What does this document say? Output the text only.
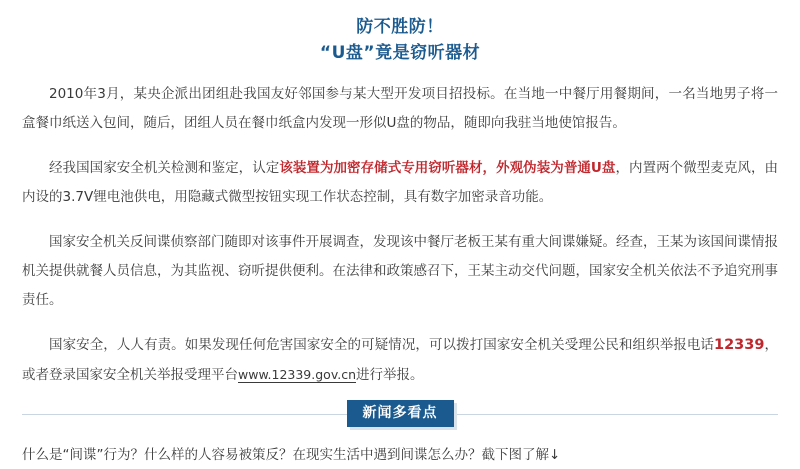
防不胜防！
“U盘”竟是窃听器材

2010年3月，某央企派出团组赴我国友好邻国参与某大型开发项目招投标。在当地一中餐厅用餐期间，一名当地男子将一盒餐巾纸送入包间，随后，团组人员在餐巾纸盒内发现一形似U盘的物品，随即向我驻当地使馆报告。

经我国国家安全机关检测和鉴定，认定该装置为加密存储式专用窃听器材，外观伪装为普通U盘，内置两个微型麦克风，由内设的3.7V锂电池供电，用隐藏式微型按钮实现工作状态控制，具有数字加密录音功能。

国家安全机关反间谍侦察部门随即对该事件开展调查，发现该中餐厅老板王某有重大间谍嫌疑。经查，王某为该国间谍情报机关提供就餐人员信息，为其监视、窃听提供便利。在法律和政策感召下，王某主动交代问题，国家安全机关依法不予追究刑事责任。

国家安全，人人有责。如果发现任何危害国家安全的可疑情况，可以拨打国家安全机关受理公民和组织举报电话12339，或者登录国家安全机关举报受理平台www.12339.gov.cn进行举报。

新闻多看点
什么是“间谍”行为？什么样的人容易被策反？在现实生活中遇到间谍怎么办？截下图了解↓
